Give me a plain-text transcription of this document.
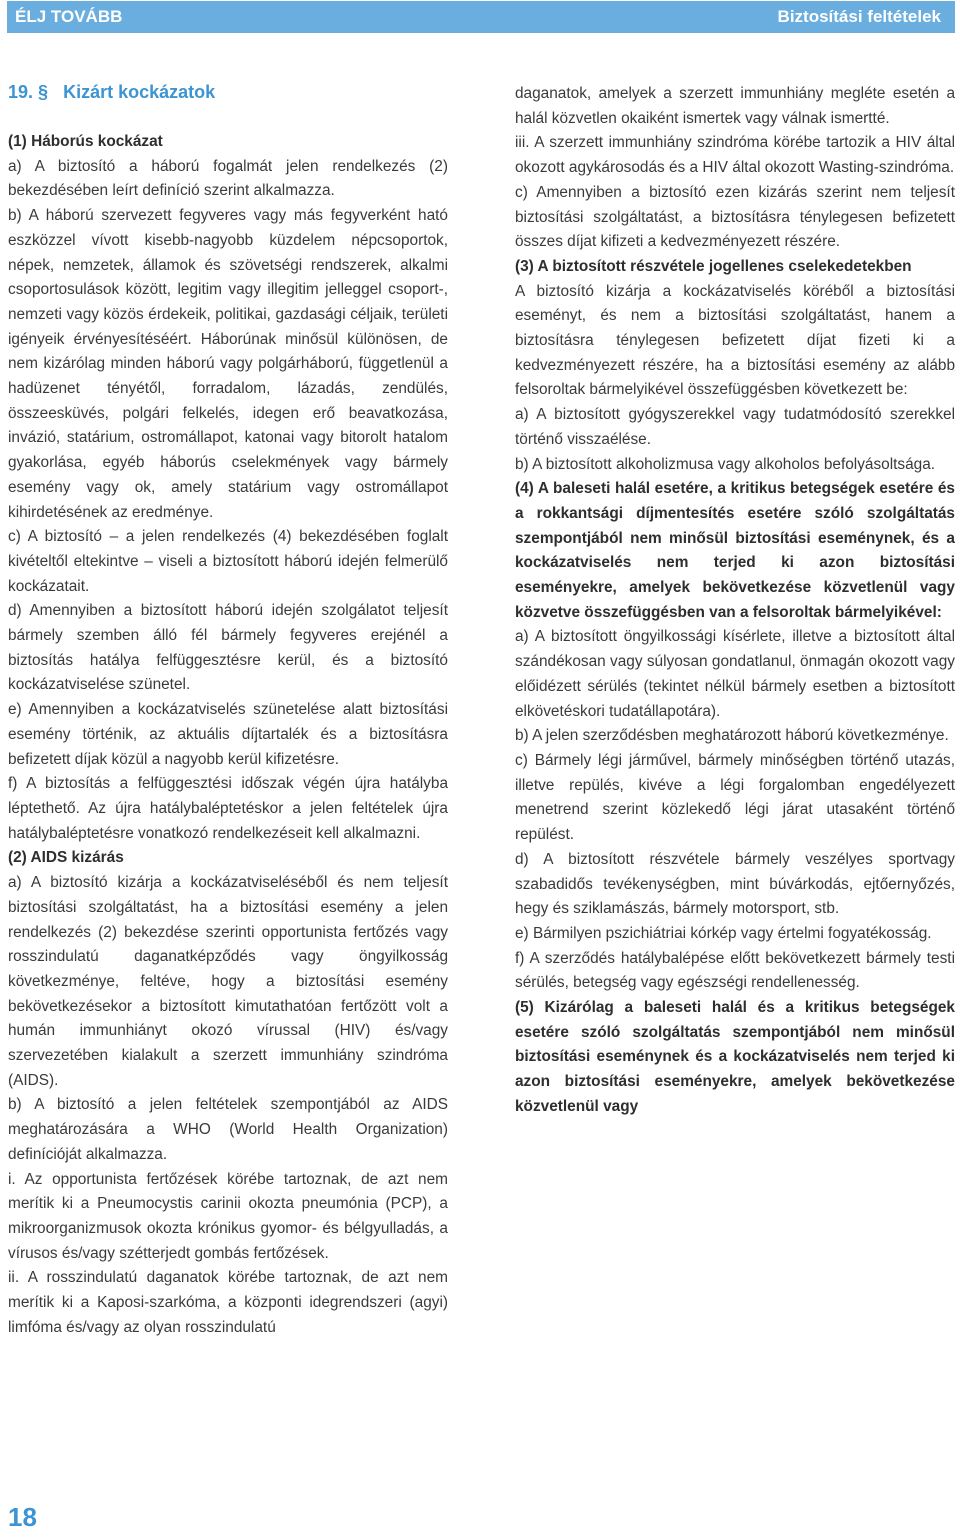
ÉLJ TOVÁBB	Biztosítási feltételek

19. § Kizárt kockázatok

(1) Háborús kockázat

a) A biztosító a háború fogalmát jelen rendelkezés (2) bekezdésében leírt definíció szerint alkalmazza.

b) A háború szervezett fegyveres vagy más fegyverként ható eszközzel vívott kisebb-nagyobb küzdelem népcsoportok, népek, nemzetek, államok és szövetségi rendszerek, alkalmi csoportosulások között, legitim vagy illegitim jelleggel csoport-, nemzeti vagy közös érdekeik, politikai, gazdasági céljaik, területi igényeik érvényesítéséért. Háborúnak minősül különösen, de nem kizárólag minden háború vagy polgárháború, függetlenül a hadüzenet tényétől, forradalom, lázadás, zendülés, összeesküvés, polgári felkelés, idegen erő beavatkozása, invázió, statárium, ostromállapot, katonai vagy bitorolt hatalom gyakorlása, egyéb háborús cselekmények vagy bármely esemény vagy ok, amely statárium vagy ostromállapot kihirdetésének az eredménye.

c) A biztosító – a jelen rendelkezés (4) bekezdésében foglalt kivételtől eltekintve – viseli a biztosított háború idején felmerülő kockázatait.

d) Amennyiben a biztosított háború idején szolgálatot teljesít bármely szemben álló fél bármely fegyveres erejénél a biztosítás hatálya felfüggesztésre kerül, és a biztosító kockázatviselése szünetel.

e) Amennyiben a kockázatviselés szünetelése alatt biztosítási esemény történik, az aktuális díjtartalék és a biztosításra befizetett díjak közül a nagyobb kerül kifizetésre.

f) A biztosítás a felfüggesztési időszak végén újra hatályba léptethető. Az újra hatálybaléptetéskor a jelen feltételek újra hatálybaléptetésre vonatkozó rendelkezéseit kell alkalmazni.

(2) AIDS kizárás

a) A biztosító kizárja a kockázatviseléséből és nem teljesít biztosítási szolgáltatást, ha a biztosítási esemény a jelen rendelkezés (2) bekezdése szerinti opportunista fertőzés vagy rosszindulatú daganatképződés vagy öngyilkosság következménye, feltéve, hogy a biztosítási esemény bekövetkezésekor a biztosított kimutathatóan fertőzött volt a humán immunhiányt okozó vírussal (HIV) és/vagy szervezetében kialakult a szerzett immunhiány szindróma (AIDS).

b) A biztosító a jelen feltételek szempontjából az AIDS meghatározására a WHO (World Health Organization) definícióját alkalmazza.

i. Az opportunista fertőzések körébe tartoznak, de azt nem merítik ki a Pneumocystis carinii okozta pneumónia (PCP), a mikroorganizmusok okozta krónikus gyomor- és bélgyulladás, a vírusos és/vagy szétterjedt gombás fertőzések.

ii. A rosszindulatú daganatok körébe tartoznak, de azt nem merítik ki a Kaposi-szarkóma, a központi idegrendszeri (agyi) limfóma és/vagy az olyan rosszindulatú

daganatok, amelyek a szerzett immunhiány megléte esetén a halál közvetlen okaiként ismertek vagy válnak ismertté.

iii. A szerzett immunhiány szindróma körébe tartozik a HIV által okozott agykárosodás és a HIV által okozott Wasting-szindróma.

c) Amennyiben a biztosító ezen kizárás szerint nem teljesít biztosítási szolgáltatást, a biztosításra ténylegesen befizetett összes díjat kifizeti a kedvezményezett részére.

(3) A biztosított részvétele jogellenes cselekedetekben

A biztosító kizárja a kockázatviselés köréből a biztosítási eseményt, és nem a biztosítási szolgáltatást, hanem a biztosításra ténylegesen befizetett díjat fizeti ki a kedvezményezett részére, ha a biztosítási esemény az alább felsoroltak bármelyikével összefüggésben következett be:

a) A biztosított gyógyszerekkel vagy tudatmódosító szerekkel történő visszaélése.

b) A biztosított alkoholizmusa vagy alkoholos befolyásoltsága.

(4) A baleseti halál esetére, a kritikus betegségek esetére és a rokkantsági díjmentesítés esetére szóló szolgáltatás szempontjából nem minősül biztosítási eseménynek, és a kockázatviselés nem terjed ki azon biztosítási eseményekre, amelyek bekövetkezése közvetlenül vagy közvetve összefüggésben van a felsoroltak bármelyikével:

a) A biztosított öngyilkossági kísérlete, illetve a biztosított által szándékosan vagy súlyosan gondatlanul, önmagán okozott vagy előidézett sérülés (tekintet nélkül bármely esetben a biztosított elkövetéskori tudatállapotára).

b) A jelen szerződésben meghatározott háború következménye.

c) Bármely légi járművel, bármely minőségben történő utazás, illetve repülés, kivéve a légi forgalomban engedélyezett menetrend szerint közlekedő légi járat utasaként történő repülést.

d) A biztosított részvétele bármely veszélyes sportvagy szabadidős tevékenységben, mint búvárkodás, ejtőernyőzés, hegy és sziklamászás, bármely motorsport, stb.

e) Bármilyen pszichiátriai kórkép vagy értelmi fogyatékosság.

f) A szerződés hatálybalépése előtt bekövetkezett bármely testi sérülés, betegség vagy egészségi rendellenesség.

(5) Kizárólag a baleseti halál és a kritikus betegségek esetére szóló szolgáltatás szempontjából nem minősül biztosítási eseménynek és a kockázatviselés nem terjed ki azon biztosítási eseményekre, amelyek bekövetkezése közvetlenül vagy

18
